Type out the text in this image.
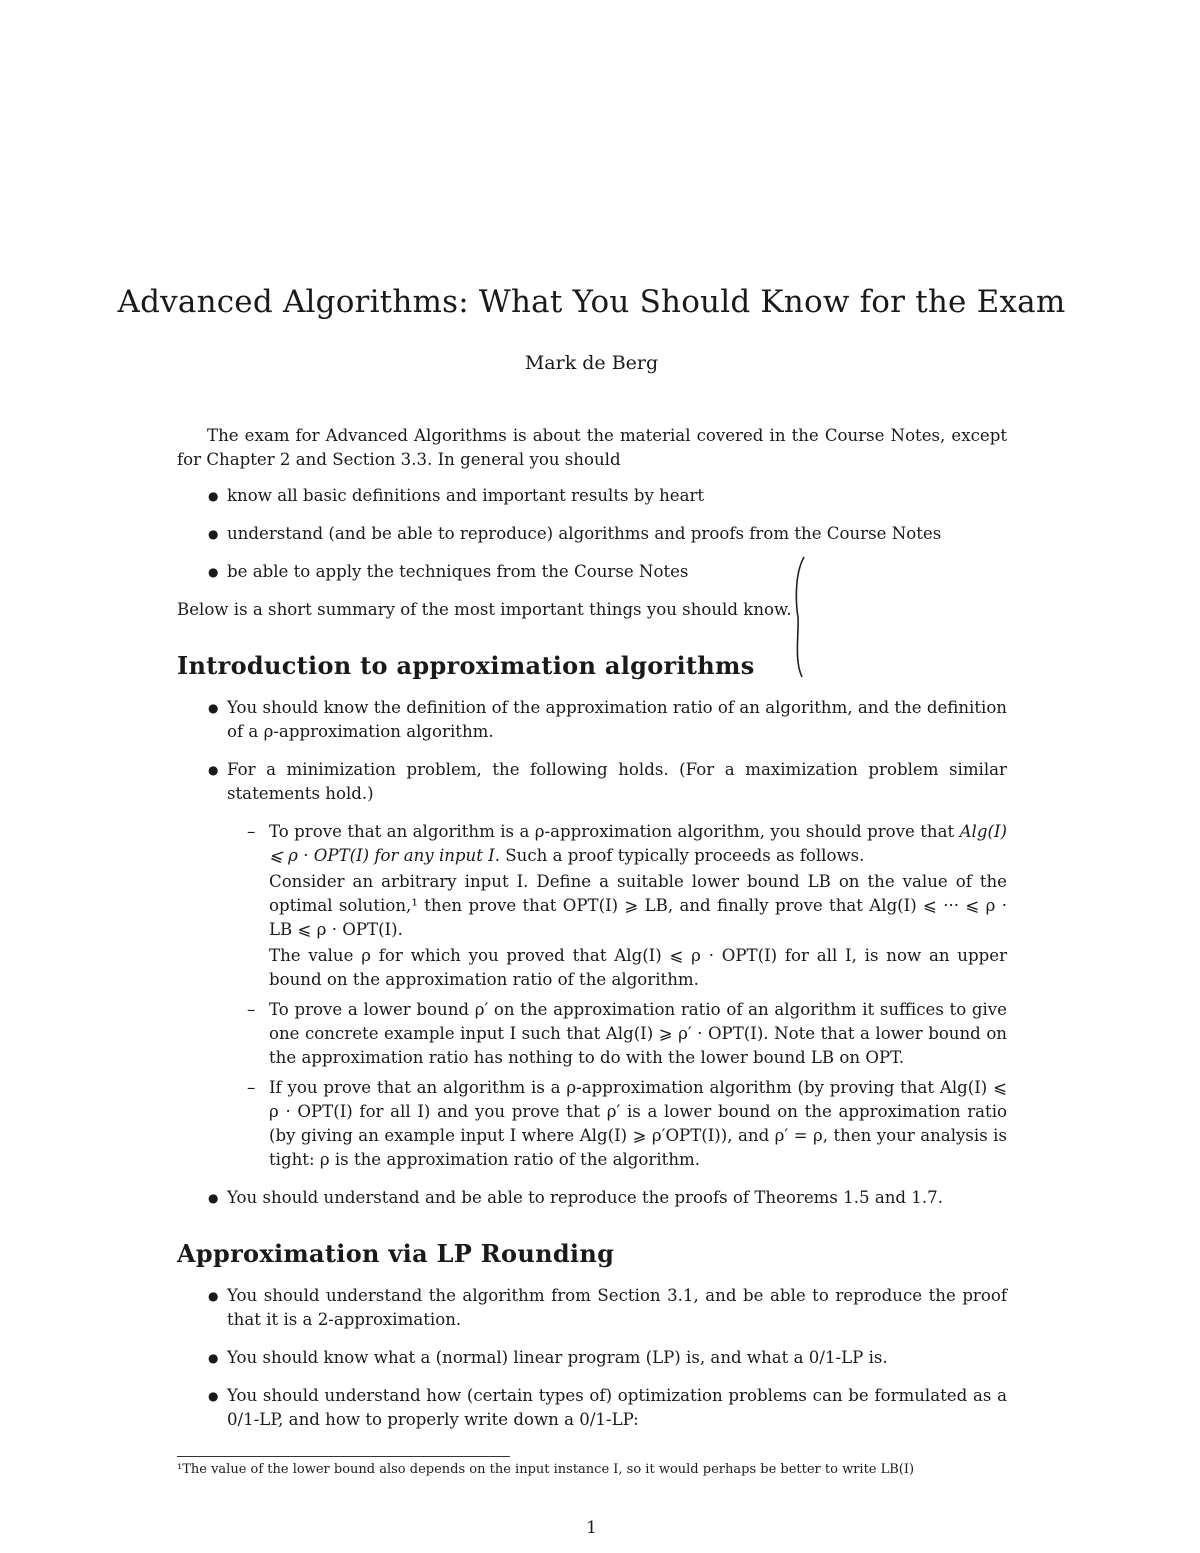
Advanced Algorithms: What You Should Know for the Exam
Mark de Berg

The exam for Advanced Algorithms is about the material covered in the Course Notes, except for Chapter 2 and Section 3.3. In general you should

● know all basic definitions and important results by heart
● understand (and be able to reproduce) algorithms and proofs from the Course Notes
● be able to apply the techniques from the Course Notes

Below is a short summary of the most important things you should know.

Introduction to approximation algorithms
● You should know the definition of the approximation ratio of an algorithm, and the definition of a ρ-approximation algorithm.
● For a minimization problem, the following holds. (For a maximization problem similar statements hold.)
– To prove that an algorithm is a ρ-approximation algorithm, you should prove that Alg(I) ⩽ ρ · OPT(I) for any input I. Such a proof typically proceeds as follows.

Consider an arbitrary input I. Define a suitable lower bound LB on the value of the optimal solution,¹ then prove that OPT(I) ⩾ LB, and finally prove that Alg(I) ⩽ ··· ⩽ ρ · LB ⩽ ρ · OPT(I).

The value ρ for which you proved that Alg(I) ⩽ ρ · OPT(I) for all I, is now an upper bound on the approximation ratio of the algorithm.

– To prove a lower bound ρ′ on the approximation ratio of an algorithm it suffices to give one concrete example input I such that Alg(I) ⩾ ρ′ · OPT(I). Note that a lower bound on the approximation ratio has nothing to do with the lower bound LB on OPT.

– If you prove that an algorithm is a ρ-approximation algorithm (by proving that Alg(I) ⩽ ρ · OPT(I) for all I) and you prove that ρ′ is a lower bound on the approximation ratio (by giving an example input I where Alg(I) ⩾ ρ′OPT(I)), and ρ′ = ρ, then your analysis is tight: ρ is the approximation ratio of the algorithm.

● You should understand and be able to reproduce the proofs of Theorems 1.5 and 1.7.
Approximation via LP Rounding
● You should understand the algorithm from Section 3.1, and be able to reproduce the proof that it is a 2-approximation.
● You should know what a (normal) linear program (LP) is, and what a 0/1-LP is.
● You should understand how (certain types of) optimization problems can be formulated as a 0/1-LP, and how to properly write down a 0/1-LP:
¹The value of the lower bound also depends on the input instance I, so it would perhaps be better to write LB(I)
1
